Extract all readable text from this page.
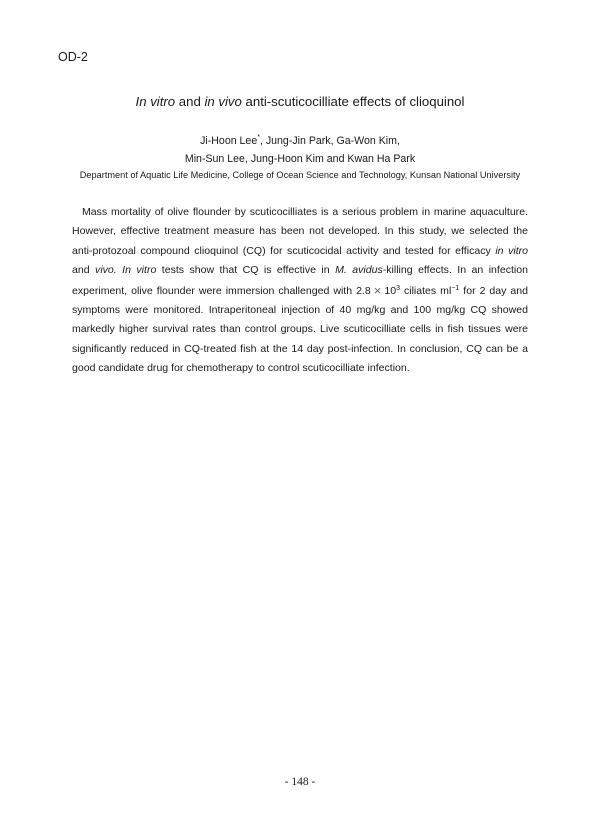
OD-2
In vitro and in vivo anti-scuticocilliate effects of clioquinol
Ji-Hoon Lee*, Jung-Jin Park, Ga-Won Kim,
Min-Sun Lee, Jung-Hoon Kim and Kwan Ha Park
Department of Aquatic Life Medicine, College of Ocean Science and Technology, Kunsan National University

Mass mortality of olive flounder by scuticocilliates is a serious problem in marine aquaculture. However, effective treatment measure has been not developed. In this study, we selected the anti-protozoal compound clioquinol (CQ) for scuticocidal activity and tested for efficacy in vitro and vivo. In vitro tests show that CQ is effective in M. avidus-killing effects. In an infection experiment, olive flounder were immersion challenged with $2.8 \times 10^3$ ciliates $ml^{-1}$ for 2 day and symptoms were monitored. Intraperitoneal injection of 40 mg/kg and 100 mg/kg CQ showed markedly higher survival rates than control groups. Live scuticocilliate cells in fish tissues were significantly reduced in CQ-treated fish at the 14 day post-infection. In conclusion, CQ can be a good candidate drug for chemotherapy to control scuticocilliate infection.

- 148 -
